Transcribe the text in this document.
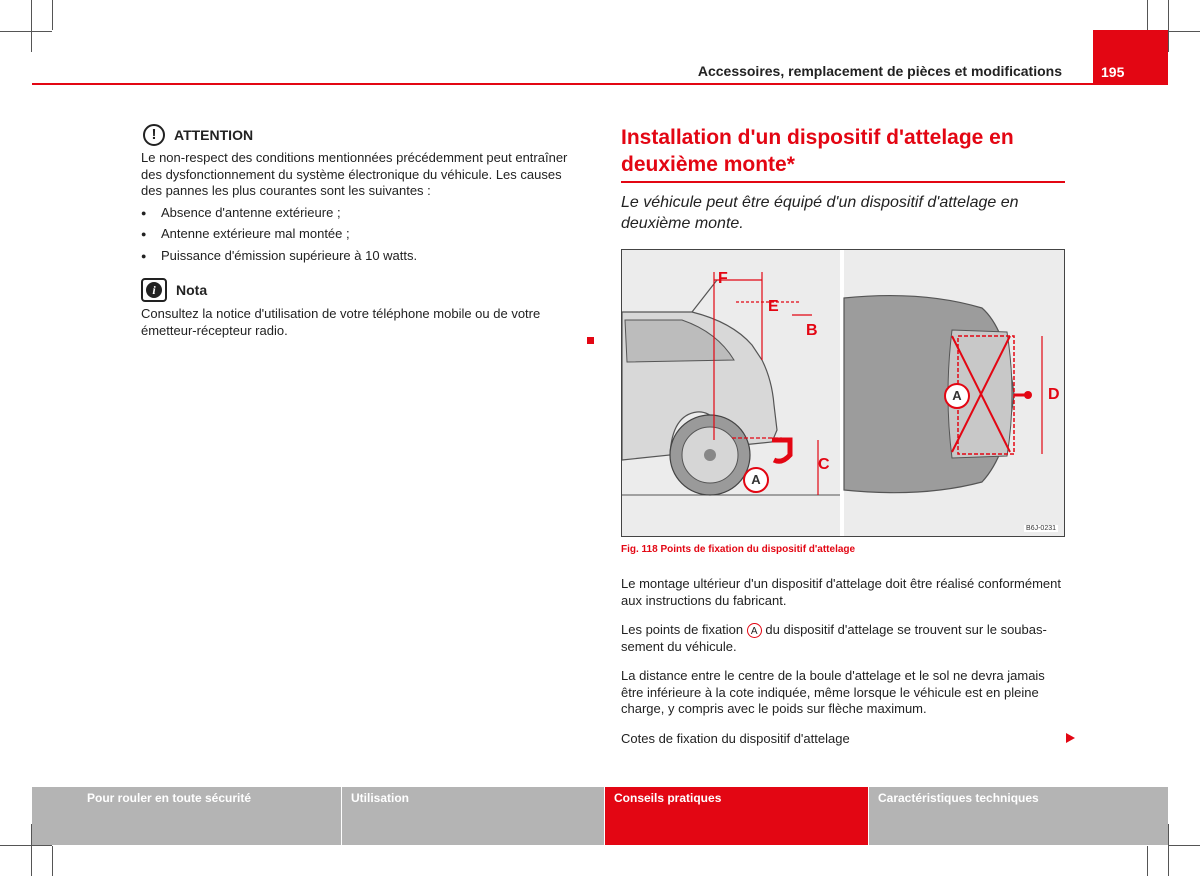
Accessoires, remplacement de pièces et modifications	195
!	ATTENTION

Le non-respect des conditions mentionnées précédemment peut entraîner des dysfonctionnement du système électronique du véhicule. Les causes des pannes les plus courantes sont les suivantes :

● Absence d'antenne extérieure ;
● Antenne extérieure mal montée ;
● Puissance d'émission supérieure à 10 watts.
i	Nota

Consultez la notice d'utilisation de votre téléphone mobile ou de votre émetteur-récepteur radio.

Installation d'un dispositif d'attelage en deuxième monte*
Le véhicule peut être équipé d'un dispositif d'attelage en deuxième monte.
F
E
B
C
D
A
A
B6J-0231
Fig. 118 Points de fixation du dispositif d'attelage
Le montage ultérieur d'un dispositif d'attelage doit être réalisé conformément aux instructions du fabricant.
Les points de fixation A du dispositif d'attelage se trouvent sur le soubassement du véhicule.
La distance entre le centre de la boule d'attelage et le sol ne devra jamais être inférieure à la cote indiquée, même lorsque le véhicule est en pleine charge, y compris avec le poids sur flèche maximum.
Cotes de fixation du dispositif d'attelage
Pour rouler en toute sécurité	Utilisation	Conseils pratiques	Caractéristiques techniques
